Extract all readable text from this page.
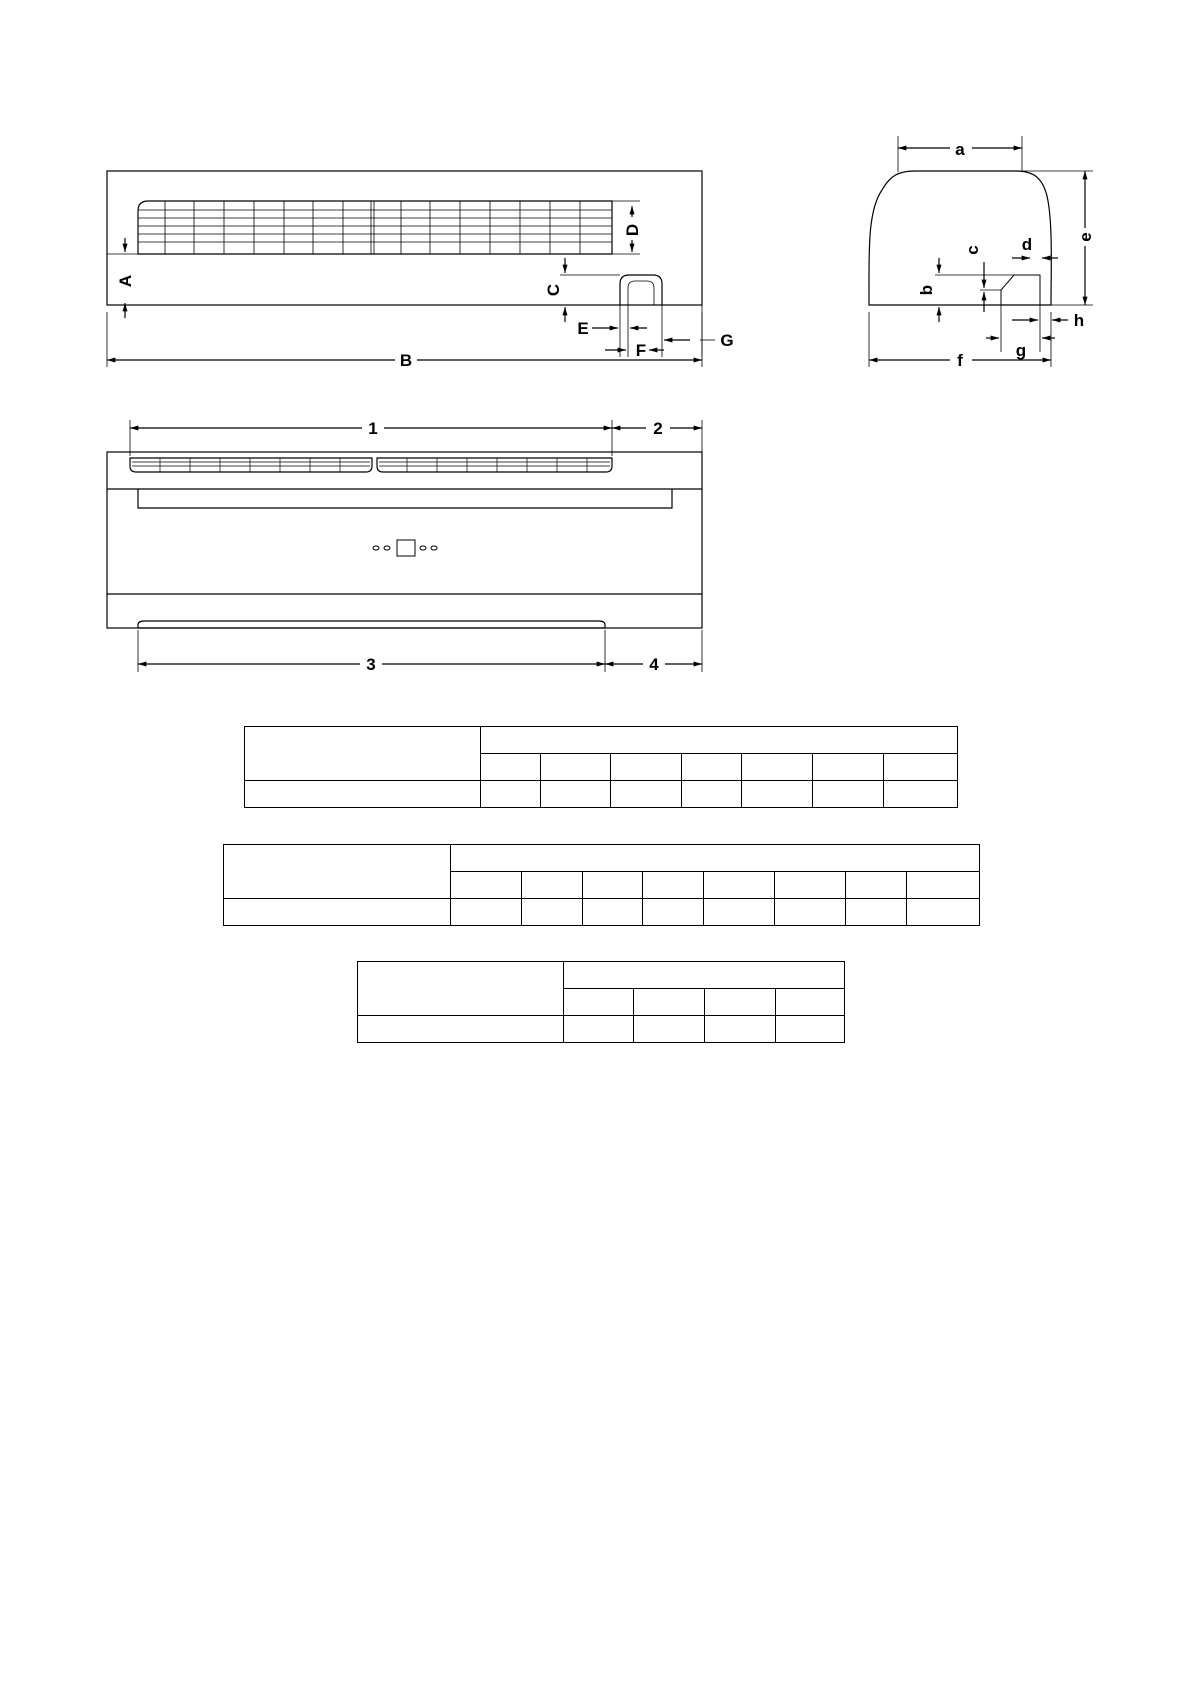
A
B
C
D
E
F
G
a
b
c d	e
f
g
h
1	2
3	4
